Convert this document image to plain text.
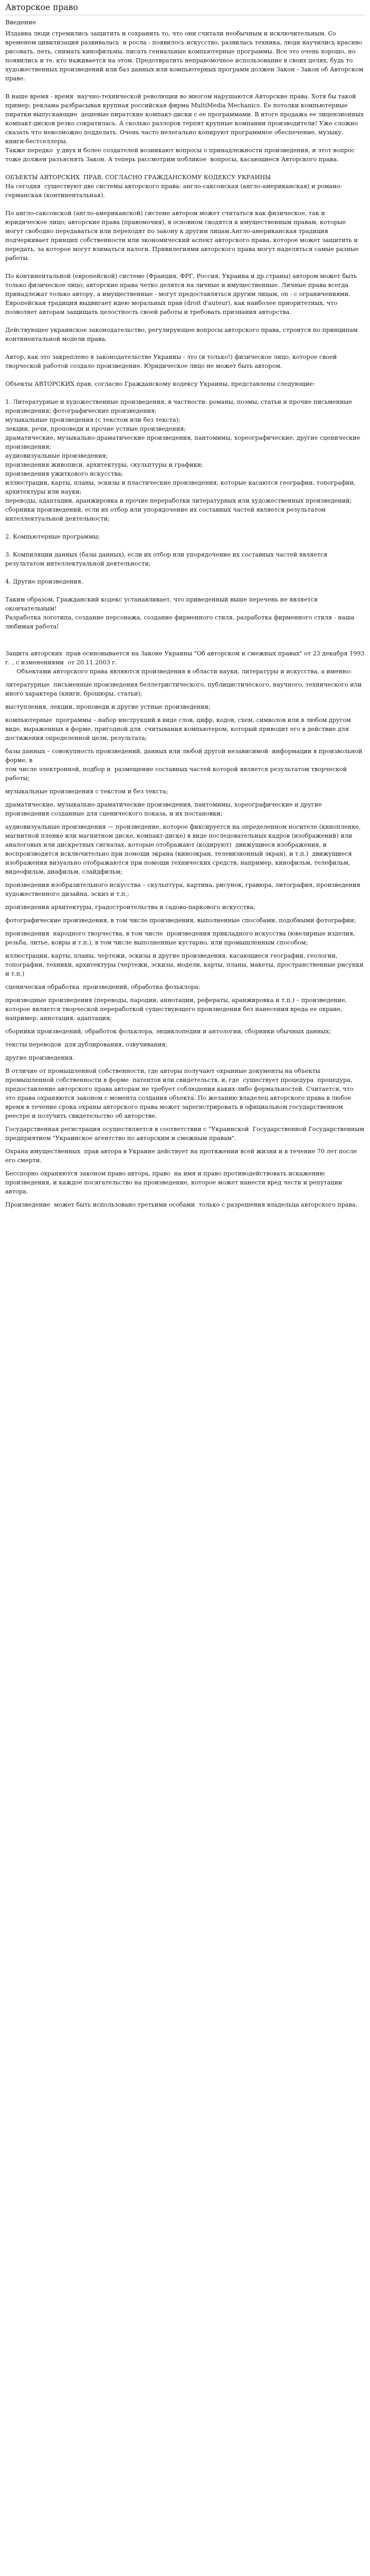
Авторское право
Введение

Издавна люди стремились защитить и сохранить то, что они считали необычным и исключительным. Со временем цивилизация развивалась  и росла - появилось искусство, развилась техника, люди научились красиво  рисовать, петь, снимать кинофильмы, писать гениальные компьютерные программы. Все это очень хорошо, но появились и те, кто наживается на этом. Предотвратить неправомочное использование в своих целях, будь то художественных произведений или баз данных или компьютерных программ должен Закон - Закон об Авторском праве.

В наше время - время  научно-технической революции во многом нарушаются Авторские права. Хотя бы такой пример: реклама разбрасывая крупная российская фирма MultiMedia Mechanics. Ее потолки компьютерные пиратки выпускающие  дешевые пиратские компакт-диски с ее программами. В итоге продажа ее лицензионных компакт-дисков резко сократилась. А сколько разлоров терпят крупные компании производители! Уже сложно сказать что невозможно подделать. Очень часто нелегально копируют программное обеспечение, музыку, книги-бестселлеры.

Также передко  у двух и более создателей возникают вопросы о принадлежности произведения, и этот вопрос тоже должен разъяснять Закон. А теперь рассмотрим побликое  вопросы, касающиеся Авторского права.

ОБЪЕКТЫ АВТОРСКИХ  ПРАВ, СОГЛАСНО ГРАЖДАНСКОМУ КОДЕКСУ УКРАИНЫ

На сегодня  существуют две системы авторского права: англо-саксонская (англо-американская) и романо-германская (континентальная).

По англо-саксонской (англо-американской) системе автором может считаться как физическое, так и юридическое лицо; авторские права (правомочия), в основном сводятся к имущественным правам, которые могут свободно передаваться или переходят по закону к другим лицам.Англо-американская традиция подчеркивает принцип собственности или экономический аспект авторского права, которое может защитить и передать, за которое могут взиматься налоги. Привилегиями авторского права могут наделяться самые разные работы.

По континентальной (европейской) системе (Франция, ФРГ, Россия, Украина и др.страны) автором может быть только физическое лицо; авторские права четко делятся на личные и имущественные. Личные права всегда принадлежат только автору, а имущественные - могут предоставляться другим лицам, on - с ограничениями. Европейская традиция выдвигает идею моральных прав (droit d'auteur), как наиболее приоритетных, что позволяет авторам защищать целостность своей работы и требовать признания авторства.

Действующее украинское законодательство, регулирующее вопросы авторского права, строится по принципам континентальной модели права.

Автор, как это закреплено в законодательстве Украины - это (и только!) физическое лицо, которое своей творческой работой создало произведение. Юридическое лицо не может быть автором.

Объекты АВТОРСКИХ прав, согласно Гражданскому кодексу Украины, представлены следующие:

1. Литературные и художественные произведения, в частности: романы, поэмы, статьи и прочие письменные произведения; фотографические произведения;

музыкальные произведения (с текстом или без текста);

лекции, речи, проповеди и прочие устные произведения;

драматические, музыкально-драматические произведения, пантомимы, хореографические, другие сценические произведения;

аудиовизуальные произведения;

произведения живописи, архитектуры, скульптуры и графики;

произведения ужиткового искусства;

иллюстрации, карты, планы, эскизы и пластические произведения, которые касаются географии, топографии, архитектуры или науки;

переводы, адаптации, аранжировка и прочие переработки литературных или художественных произведений;

сборники произведений, если их отбор или упорядочение их составных частей является результатом интеллектуальной деятельности;

2. Компьютерные программы;

3. Компиляции данных (базы данных), если их отбор или упорядочение их составных частей является результатом интеллектуальной деятельности;

4. Другие произведения.

Таким образом, Гражданский кодекс устанавливает, что приведенный выше перечень не является окончательным!

Разработка логотипа, создание персонажа, создание фирменного стиля, разработка фирменного стиля - наша любимая работа!

Защита авторских  прав осиновывается на Законе Украины "Об авторском и смежных правах" от 23 декабря 1993 г. , с изменениями  от 20.11.2003 г.

Объектами авторского права являются произведения в области науки, литературы и искусства, а именно:

литературные  письменные произведения беллетристического, публицистического, научного, технического или иного характера (книги, брошюры, статьи);

выступления, лекции, проповеди и другие устные произведения;

компьютерные  программы – набор инструкций в виде слов, цифр, кодов, схем, символов или в любом другом виде, выраженных в форме, пригодной для  считывания компьютером, который приводит его в действие для достижения определенной цели, результата;

базы данных – совокупность произведений, данных или любой другой независимой  информации в произвольной форме, в

том числе электронной, подбор и  размещение составных частей которой является результатом творческой работы;

музыкальные произведения с текстом и без текста;

драматические, музыкально-драматические произведения, пантомимы, хореографические и другие произведения созданные для сценического показа, и их постановки;

аудиовизуальные произведения — произведение, которое фиксируется на определенном носителе (кинопленке, магнитной пленке или магнитном диске, компакт-диске) в виде последовательных кадров (изображений) или аналоговых или дискретных сигналах, которые отображают (кодируют)  движущиеся изображения, и воспроизводятся исключительно при помощи экрана (киноэкран, телевизионный экран), и т.п.)  движущиеся изображения визуально отображаются при помощи технических средств, например, кинофильм, телефильм, видеофильм, диафильм, слайдфильм;

произведения изобразительного искусства – скульптура, картина, рисунок, гравюра, литография, произведения художественного дизайна, эскиз и т.п.;

произведения архитектуры, градостроительства и садово-паркового искусства;

фотографические произведения, в том числе произведения, выполненные способами, подобными фотографии;

произведения  народного творчества, в том числе  произведения прикладного искусства (ювелирные изделия, резьба, литье, ковры и т.п.), в том числе выполненные кустарно, или промышленным способом;

иллюстрации, карты, планы, чертежи, эскизы и другие произведения, касающиеся географии, геологии, топографии, техники, архитектуры (чертежи, эскизы, модели, карты, планы, макеты, пространственные рисунки и т.п.)

сценическая обработка  произведений, обработка фольклора;

производные произведения (переводы, пародии, аннотации, рефераты, аранжировка и т.п.) – произведение, которое является творческой переработкой существующего произведения без нанесения вреда ее охране, например, аннотация, адаптация;

сборники произведений, обработок фольклора, энциклопедии и антологии, сборники обычных данных;

тексты переводов  для дублирования, озвучивания;

другие произведения.

В отличие от промышленной собственности, где авторы получают охранные документы на объекты  промышленной собственности в форме  патентов или свидетельств, и, где  существует процедура  процедура, предоставление авторского права авторам не требует соблюдения каких-либо формальностей. Считается, что это права охраняются законом с момента создания объекта. По желанию владелец авторского права в любое время в течение срока охраны авторского права может зарегистрировать в официальном государственном реестре и получить свидетельство об авторстве.

Государственная регистрация осуществляется в соответствии с "Украинской  Государственной Государственным предприятием "Украинское агентство по авторским и смежным правам".

Охрана имущественных  прав автора в Украине действует на протяжении всей жизни и в течение 70 лет после его смерти.

Бесспорно охраняются законом право автора, право  на имя и право противодействовать искажению произведения, и каждое посягательство на произведение, которое может нанести вред чести и репутации автора.

Произведение  может быть использовано третьими особами  только с разрешения владельца авторского права.
